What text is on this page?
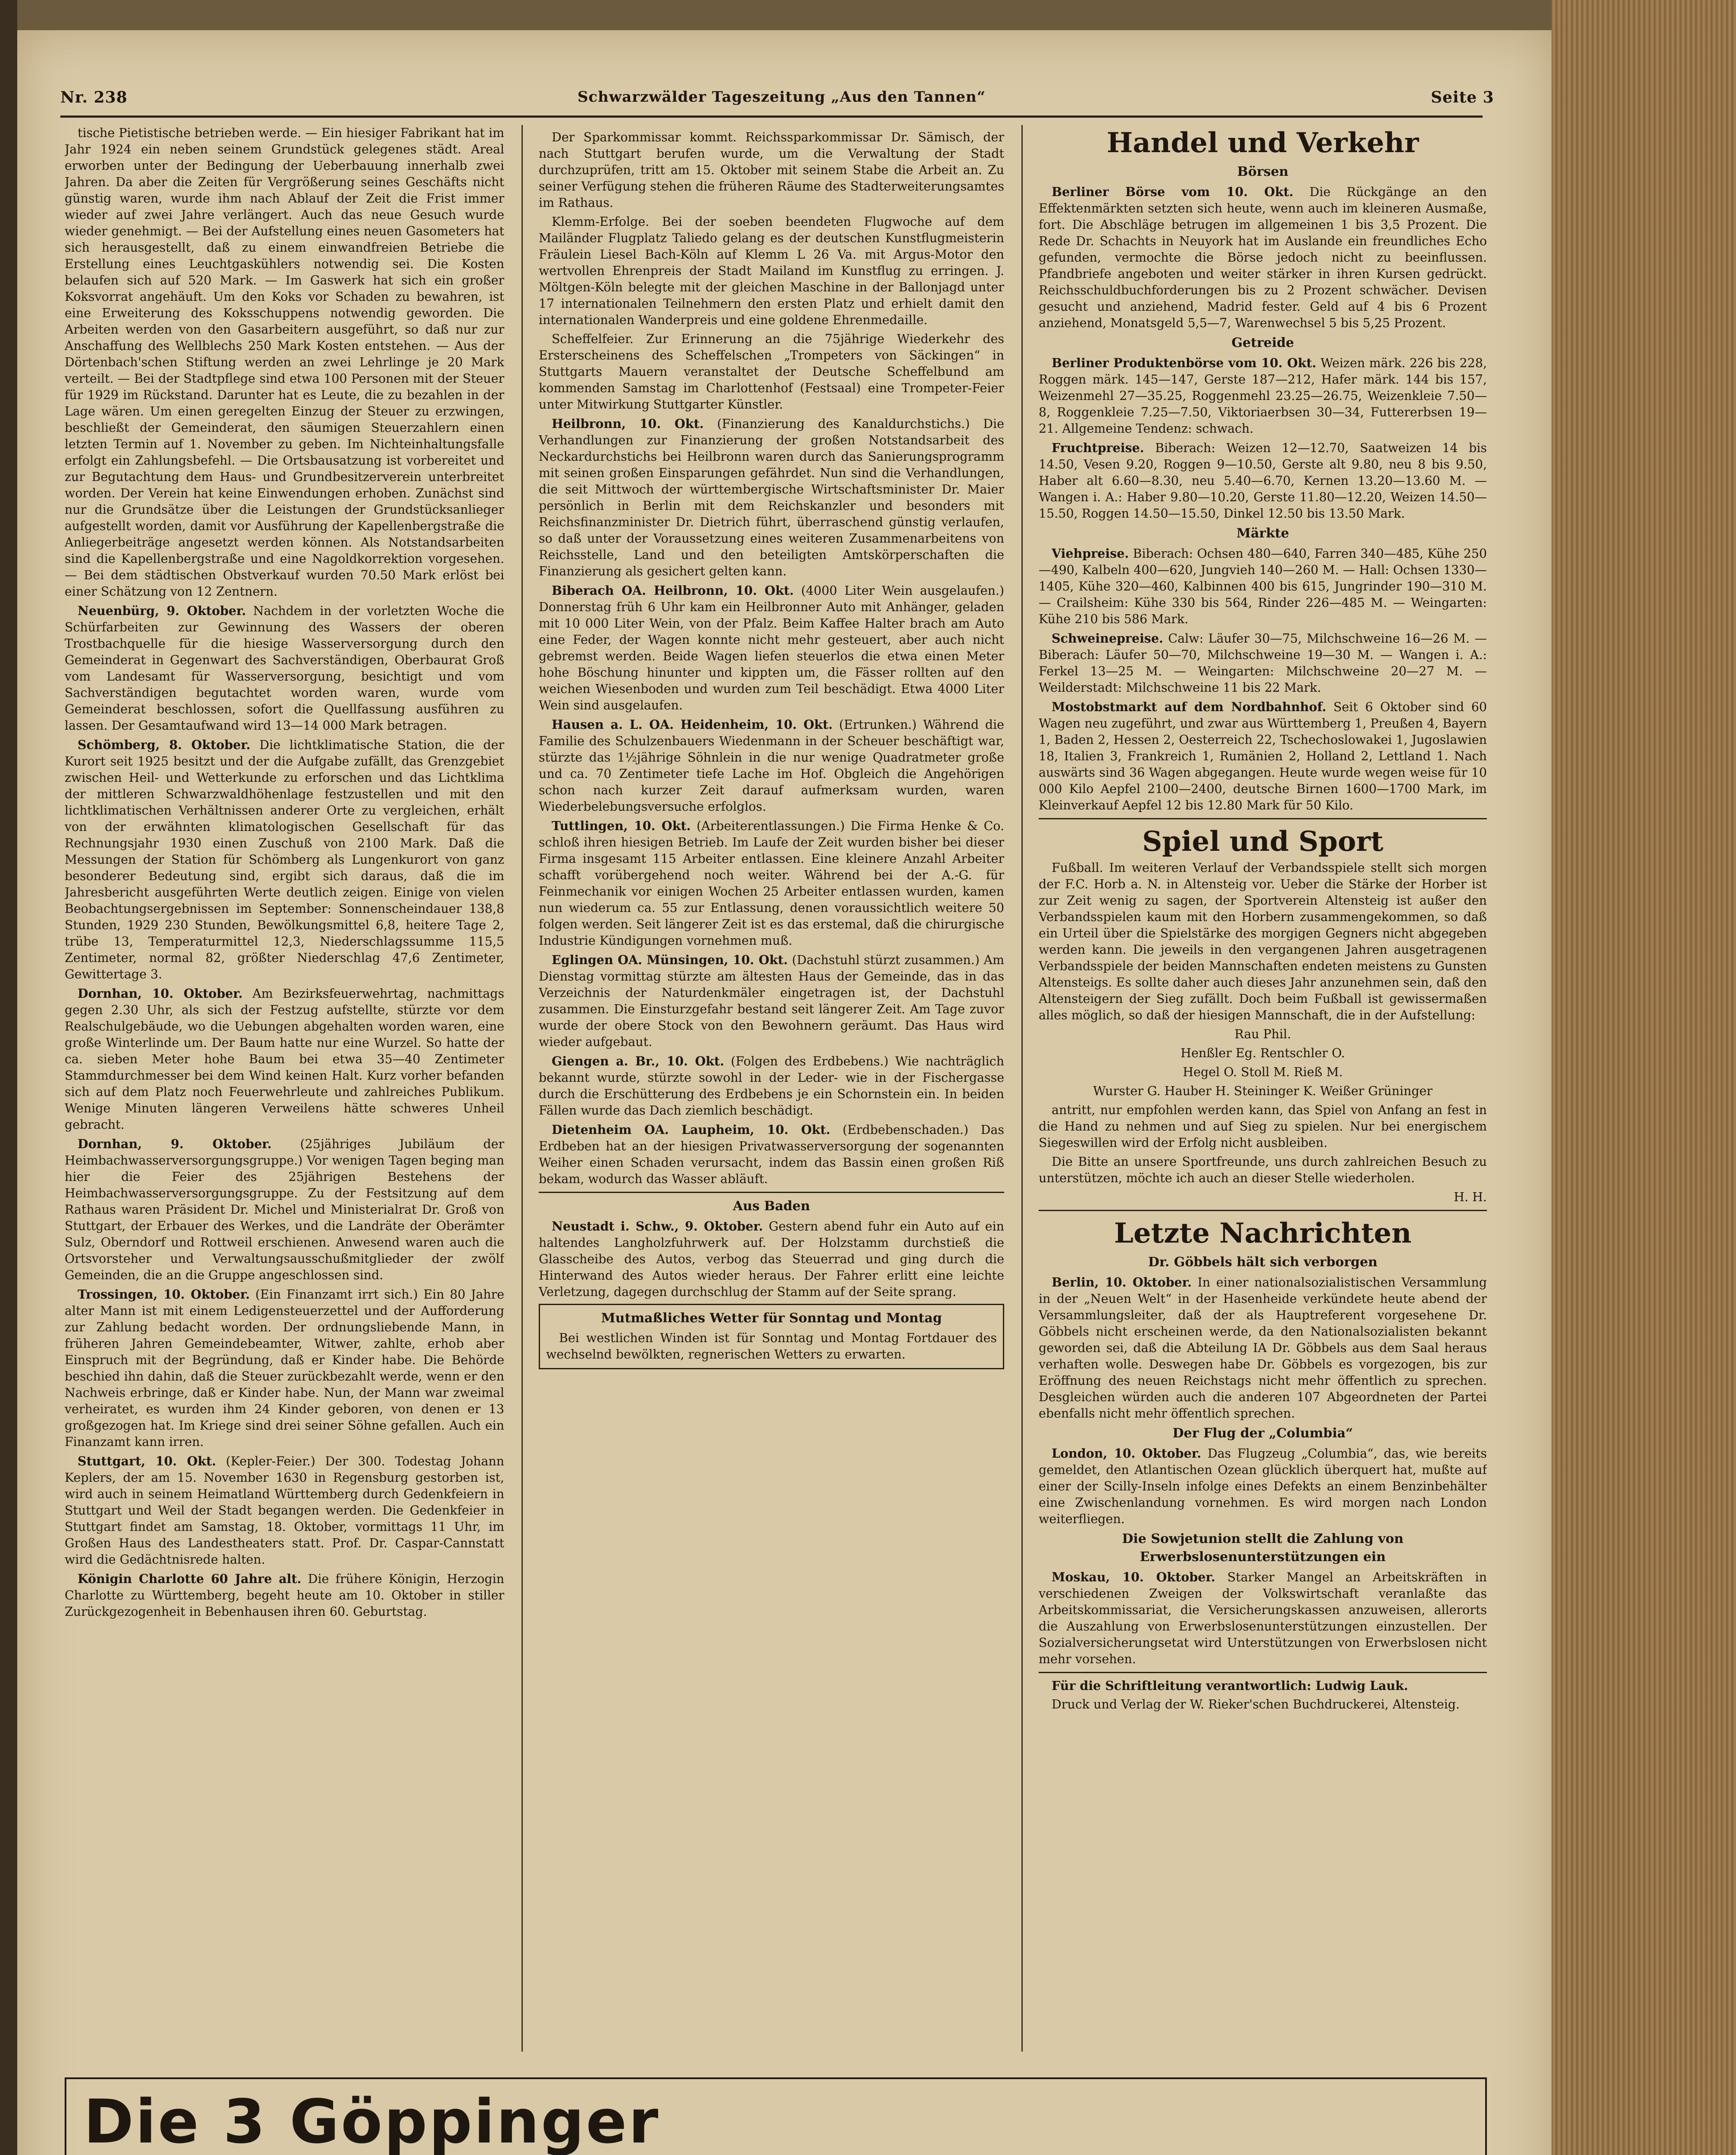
Nr. 238	Schwarzwälder Tageszeitung „Aus den Tannen“	Seite 3

tische Pietistische betrieben werde. — Ein hiesiger Fabrikant hat im Jahr 1924 ein neben seinem Grundstück gelegenes städt. Areal erworben unter der Bedingung der Ueberbauung innerhalb zwei Jahren. Da aber die Zeiten für Vergrößerung seines Geschäfts nicht günstig waren, wurde ihm nach Ablauf der Zeit die Frist immer wieder auf zwei Jahre verlängert. Auch das neue Gesuch wurde wieder genehmigt. — Bei der Aufstellung eines neuen Gasometers hat sich herausgestellt, daß zu einem einwandfreien Betriebe die Erstellung eines Leuchtgaskühlers notwendig sei. Die Kosten belaufen sich auf 520 Mark. — Im Gaswerk hat sich ein großer Koksvorrat angehäuft. Um den Koks vor Schaden zu bewahren, ist eine Erweiterung des Koksschuppens notwendig geworden. Die Arbeiten werden von den Gasarbeitern ausgeführt, so daß nur zur Anschaffung des Wellblechs 250 Mark Kosten entstehen. — Aus der Dörtenbach'schen Stiftung werden an zwei Lehrlinge je 20 Mark verteilt. — Bei der Stadtpflege sind etwa 100 Personen mit der Steuer für 1929 im Rückstand. Darunter hat es Leute, die zu bezahlen in der Lage wären. Um einen geregelten Einzug der Steuer zu erzwingen, beschließt der Gemeinderat, den säumigen Steuerzahlern einen letzten Termin auf 1. November zu geben. Im Nichteinhaltungsfalle erfolgt ein Zahlungsbefehl. — Die Ortsbausatzung ist vorbereitet und zur Begutachtung dem Haus- und Grundbesitzerverein unterbreitet worden. Der Verein hat keine Einwendungen erhoben. Zunächst sind nur die Grundsätze über die Leistungen der Grundstücksanlieger aufgestellt worden, damit vor Ausführung der Kapellenbergstraße die Anliegerbeiträge angesetzt werden können. Als Notstandsarbeiten sind die Kapellenbergstraße und eine Nagoldkorrektion vorgesehen. — Bei dem städtischen Obstverkauf wurden 70.50 Mark erlöst bei einer Schätzung von 12 Zentnern.

Neuenbürg, 9. Oktober. Nachdem in der vorletzten Woche die Schürfarbeiten zur Gewinnung des Wassers der oberen Trostbachquelle für die hiesige Wasserversorgung durch den Gemeinderat in Gegenwart des Sachverständigen, Oberbaurat Groß vom Landesamt für Wasserversorgung, besichtigt und vom Sachverständigen begutachtet worden waren, wurde vom Gemeinderat beschlossen, sofort die Quellfassung ausführen zu lassen. Der Gesamtaufwand wird 13—14 000 Mark betragen.

Schömberg, 8. Oktober. Die lichtklimatische Station, die der Kurort seit 1925 besitzt und der die Aufgabe zufällt, das Grenzgebiet zwischen Heil- und Wetterkunde zu erforschen und das Lichtklima der mittleren Schwarzwaldhöhenlage festzustellen und mit den lichtklimatischen Verhältnissen anderer Orte zu vergleichen, erhält von der erwähnten klimatologischen Gesellschaft für das Rechnungsjahr 1930 einen Zuschuß von 2100 Mark. Daß die Messungen der Station für Schömberg als Lungenkurort von ganz besonderer Bedeutung sind, ergibt sich daraus, daß die im Jahresbericht ausgeführten Werte deutlich zeigen. Einige von vielen Beobachtungsergebnissen im September: Sonnenscheindauer 138,8 Stunden, 1929 230 Stunden, Bewölkungsmittel 6,8, heitere Tage 2, trübe 13, Temperaturmittel 12,3, Niederschlagssumme 115,5 Zentimeter, normal 82, größter Niederschlag 47,6 Zentimeter, Gewittertage 3.

Dornhan, 10. Oktober. Am Bezirksfeuerwehrtag, nachmittags gegen 2.30 Uhr, als sich der Festzug aufstellte, stürzte vor dem Realschulgebäude, wo die Uebungen abgehalten worden waren, eine große Winterlinde um. Der Baum hatte nur eine Wurzel. So hatte der ca. sieben Meter hohe Baum bei etwa 35—40 Zentimeter Stammdurchmesser bei dem Wind keinen Halt. Kurz vorher befanden sich auf dem Platz noch Feuerwehrleute und zahlreiches Publikum. Wenige Minuten längeren Verweilens hätte schweres Unheil gebracht.

Dornhan, 9. Oktober. (25jähriges Jubiläum der Heimbachwasserversorgungsgruppe.) Vor wenigen Tagen beging man hier die Feier des 25jährigen Bestehens der Heimbachwasserversorgungsgruppe. Zu der Festsitzung auf dem Rathaus waren Präsident Dr. Michel und Ministerialrat Dr. Groß von Stuttgart, der Erbauer des Werkes, und die Landräte der Oberämter Sulz, Oberndorf und Rottweil erschienen. Anwesend waren auch die Ortsvorsteher und Verwaltungsausschußmitglieder der zwölf Gemeinden, die an die Gruppe angeschlossen sind.

Trossingen, 10. Oktober. (Ein Finanzamt irrt sich.) Ein 80 Jahre alter Mann ist mit einem Ledigensteuerzettel und der Aufforderung zur Zahlung bedacht worden. Der ordnungsliebende Mann, in früheren Jahren Gemeindebeamter, Witwer, zahlte, erhob aber Einspruch mit der Begründung, daß er Kinder habe. Die Behörde beschied ihn dahin, daß die Steuer zurückbezahlt werde, wenn er den Nachweis erbringe, daß er Kinder habe. Nun, der Mann war zweimal verheiratet, es wurden ihm 24 Kinder geboren, von denen er 13 großgezogen hat. Im Kriege sind drei seiner Söhne gefallen. Auch ein Finanzamt kann irren.

Stuttgart, 10. Okt. (Kepler-Feier.) Der 300. Todestag Johann Keplers, der am 15. November 1630 in Regensburg gestorben ist, wird auch in seinem Heimatland Württemberg durch Gedenkfeiern in Stuttgart und Weil der Stadt begangen werden. Die Gedenkfeier in Stuttgart findet am Samstag, 18. Oktober, vormittags 11 Uhr, im Großen Haus des Landestheaters statt. Prof. Dr. Caspar-Cannstatt wird die Gedächtnisrede halten.

Königin Charlotte 60 Jahre alt. Die frühere Königin, Herzogin Charlotte zu Württemberg, begeht heute am 10. Oktober in stiller Zurückgezogenheit in Bebenhausen ihren 60. Geburtstag.

Der Sparkommissar kommt. Reichssparkommissar Dr. Sämisch, der nach Stuttgart berufen wurde, um die Verwaltung der Stadt durchzuprüfen, tritt am 15. Oktober mit seinem Stabe die Arbeit an. Zu seiner Verfügung stehen die früheren Räume des Stadterweiterungsamtes im Rathaus.

Klemm-Erfolge. Bei der soeben beendeten Flugwoche auf dem Mailänder Flugplatz Taliedo gelang es der deutschen Kunstflugmeisterin Fräulein Liesel Bach-Köln auf Klemm L 26 Va. mit Argus-Motor den wertvollen Ehrenpreis der Stadt Mailand im Kunstflug zu erringen. J. Möltgen-Köln belegte mit der gleichen Maschine in der Ballonjagd unter 17 internationalen Teilnehmern den ersten Platz und erhielt damit den internationalen Wanderpreis und eine goldene Ehrenmedaille.

Scheffelfeier. Zur Erinnerung an die 75jährige Wiederkehr des Ersterscheinens des Scheffelschen „Trompeters von Säckingen“ in Stuttgarts Mauern veranstaltet der Deutsche Scheffelbund am kommenden Samstag im Charlottenhof (Festsaal) eine Trompeter-Feier unter Mitwirkung Stuttgarter Künstler.

Heilbronn, 10. Okt. (Finanzierung des Kanaldurchstichs.) Die Verhandlungen zur Finanzierung der großen Notstandsarbeit des Neckardurchstichs bei Heilbronn waren durch das Sanierungsprogramm mit seinen großen Einsparungen gefährdet. Nun sind die Verhandlungen, die seit Mittwoch der württembergische Wirtschaftsminister Dr. Maier persönlich in Berlin mit dem Reichskanzler und besonders mit Reichsfinanzminister Dr. Dietrich führt, überraschend günstig verlaufen, so daß unter der Voraussetzung eines weiteren Zusammenarbeitens von Reichsstelle, Land und den beteiligten Amtskörperschaften die Finanzierung als gesichert gelten kann.

Biberach OA. Heilbronn, 10. Okt. (4000 Liter Wein ausgelaufen.) Donnerstag früh 6 Uhr kam ein Heilbronner Auto mit Anhänger, geladen mit 10 000 Liter Wein, von der Pfalz. Beim Kaffee Halter brach am Auto eine Feder, der Wagen konnte nicht mehr gesteuert, aber auch nicht gebremst werden. Beide Wagen liefen steuerlos die etwa einen Meter hohe Böschung hinunter und kippten um, die Fässer rollten auf den weichen Wiesenboden und wurden zum Teil beschädigt. Etwa 4000 Liter Wein sind ausgelaufen.

Hausen a. L. OA. Heidenheim, 10. Okt. (Ertrunken.) Während die Familie des Schulzenbauers Wiedenmann in der Scheuer beschäftigt war, stürzte das 1½jährige Söhnlein in die nur wenige Quadratmeter große und ca. 70 Zentimeter tiefe Lache im Hof. Obgleich die Angehörigen schon nach kurzer Zeit darauf aufmerksam wurden, waren Wiederbelebungsversuche erfolglos.

Tuttlingen, 10. Okt. (Arbeiterentlassungen.) Die Firma Henke & Co. schloß ihren hiesigen Betrieb. Im Laufe der Zeit wurden bisher bei dieser Firma insgesamt 115 Arbeiter entlassen. Eine kleinere Anzahl Arbeiter schafft vorübergehend noch weiter. Während bei der A.-G. für Feinmechanik vor einigen Wochen 25 Arbeiter entlassen wurden, kamen nun wiederum ca. 55 zur Entlassung, denen voraussichtlich weitere 50 folgen werden. Seit längerer Zeit ist es das erstemal, daß die chirurgische Industrie Kündigungen vornehmen muß.

Eglingen OA. Münsingen, 10. Okt. (Dachstuhl stürzt zusammen.) Am Dienstag vormittag stürzte am ältesten Haus der Gemeinde, das in das Verzeichnis der Naturdenkmäler eingetragen ist, der Dachstuhl zusammen. Die Einsturzgefahr bestand seit längerer Zeit. Am Tage zuvor wurde der obere Stock von den Bewohnern geräumt. Das Haus wird wieder aufgebaut.

Giengen a. Br., 10. Okt. (Folgen des Erdbebens.) Wie nachträglich bekannt wurde, stürzte sowohl in der Leder- wie in der Fischergasse durch die Erschütterung des Erdbebens je ein Schornstein ein. In beiden Fällen wurde das Dach ziemlich beschädigt.

Dietenheim OA. Laupheim, 10. Okt. (Erdbebenschaden.) Das Erdbeben hat an der hiesigen Privatwasserversorgung der sogenannten Weiher einen Schaden verursacht, indem das Bassin einen großen Riß bekam, wodurch das Wasser abläuft.

Aus Baden

Neustadt i. Schw., 9. Oktober. Gestern abend fuhr ein Auto auf ein haltendes Langholzfuhrwerk auf. Der Holzstamm durchstieß die Glasscheibe des Autos, verbog das Steuerrad und ging durch die Hinterwand des Autos wieder heraus. Der Fahrer erlitt eine leichte Verletzung, dagegen durchschlug der Stamm auf der Seite sprang.

Mutmaßliches Wetter für Sonntag und Montag

Bei westlichen Winden ist für Sonntag und Montag Fortdauer des wechselnd bewölkten, regnerischen Wetters zu erwarten.

Handel und Verkehr
Börsen

Berliner Börse vom 10. Okt. Die Rückgänge an den Effektenmärkten setzten sich heute, wenn auch im kleineren Ausmaße, fort. Die Abschläge betrugen im allgemeinen 1 bis 3,5 Prozent. Die Rede Dr. Schachts in Neuyork hat im Auslande ein freundliches Echo gefunden, vermochte die Börse jedoch nicht zu beeinflussen. Pfandbriefe angeboten und weiter stärker in ihren Kursen gedrückt. Reichsschuldbuchforderungen bis zu 2 Prozent schwächer. Devisen gesucht und anziehend, Madrid fester. Geld auf 4 bis 6 Prozent anziehend, Monatsgeld 5,5—7, Warenwechsel 5 bis 5,25 Prozent.

Getreide

Berliner Produktenbörse vom 10. Okt. Weizen märk. 226 bis 228, Roggen märk. 145—147, Gerste 187—212, Hafer märk. 144 bis 157, Weizenmehl 27—35.25, Roggenmehl 23.25—26.75, Weizenkleie 7.50—8, Roggenkleie 7.25—7.50, Viktoriaerbsen 30—34, Futtererbsen 19—21. Allgemeine Tendenz: schwach.

Fruchtpreise. Biberach: Weizen 12—12.70, Saatweizen 14 bis 14.50, Vesen 9.20, Roggen 9—10.50, Gerste alt 9.80, neu 8 bis 9.50, Haber alt 6.60—8.30, neu 5.40—6.70, Kernen 13.20—13.60 M. — Wangen i. A.: Haber 9.80—10.20, Gerste 11.80—12.20, Weizen 14.50—15.50, Roggen 14.50—15.50, Dinkel 12.50 bis 13.50 Mark.

Märkte

Viehpreise. Biberach: Ochsen 480—640, Farren 340—485, Kühe 250—490, Kalbeln 400—620, Jungvieh 140—260 M. — Hall: Ochsen 1330—1405, Kühe 320—460, Kalbinnen 400 bis 615, Jungrinder 190—310 M. — Crailsheim: Kühe 330 bis 564, Rinder 226—485 M. — Weingarten: Kühe 210 bis 586 Mark.

Schweinepreise. Calw: Läufer 30—75, Milchschweine 16—26 M. — Biberach: Läufer 50—70, Milchschweine 19—30 M. — Wangen i. A.: Ferkel 13—25 M. — Weingarten: Milchschweine 20—27 M. — Weilderstadt: Milchschweine 11 bis 22 Mark.

Mostobstmarkt auf dem Nordbahnhof. Seit 6 Oktober sind 60 Wagen neu zugeführt, und zwar aus Württemberg 1, Preußen 4, Bayern 1, Baden 2, Hessen 2, Oesterreich 22, Tschechoslowakei 1, Jugoslawien 18, Italien 3, Frankreich 1, Rumänien 2, Holland 2, Lettland 1. Nach auswärts sind 36 Wagen abgegangen. Heute wurde wegen weise für 10 000 Kilo Aepfel 2100—2400, deutsche Birnen 1600—1700 Mark, im Kleinverkauf Aepfel 12 bis 12.80 Mark für 50 Kilo.

Spiel und Sport

Fußball. Im weiteren Verlauf der Verbandsspiele stellt sich morgen der F.C. Horb a. N. in Altensteig vor. Ueber die Stärke der Horber ist zur Zeit wenig zu sagen, der Sportverein Altensteig ist außer den Verbandsspielen kaum mit den Horbern zusammengekommen, so daß ein Urteil über die Spielstärke des morgigen Gegners nicht abgegeben werden kann. Die jeweils in den vergangenen Jahren ausgetragenen Verbandsspiele der beiden Mannschaften endeten meistens zu Gunsten Altensteigs. Es sollte daher auch dieses Jahr anzunehmen sein, daß den Altensteigern der Sieg zufällt. Doch beim Fußball ist gewissermaßen alles möglich, so daß der hiesigen Mannschaft, die in der Aufstellung:

Rau Phil.

Henßler Eg. Rentschler O.

Hegel O. Stoll M. Rieß M.

Wurster G. Hauber H. Steininger K. Weißer Grüninger

antritt, nur empfohlen werden kann, das Spiel von Anfang an fest in die Hand zu nehmen und auf Sieg zu spielen. Nur bei energischem Siegeswillen wird der Erfolg nicht ausbleiben.

Die Bitte an unsere Sportfreunde, uns durch zahlreichen Besuch zu unterstützen, möchte ich auch an dieser Stelle wiederholen.

H. H.

Letzte Nachrichten
Dr. Göbbels hält sich verborgen

Berlin, 10. Oktober. In einer nationalsozialistischen Versammlung in der „Neuen Welt“ in der Hasenheide verkündete heute abend der Versammlungsleiter, daß der als Hauptreferent vorgesehene Dr. Göbbels nicht erscheinen werde, da den Nationalsozialisten bekannt geworden sei, daß die Abteilung IA Dr. Göbbels aus dem Saal heraus verhaften wolle. Deswegen habe Dr. Göbbels es vorgezogen, bis zur Eröffnung des neuen Reichstags nicht mehr öffentlich zu sprechen. Desgleichen würden auch die anderen 107 Abgeordneten der Partei ebenfalls nicht mehr öffentlich sprechen.

Der Flug der „Columbia“

London, 10. Oktober. Das Flugzeug „Columbia“, das, wie bereits gemeldet, den Atlantischen Ozean glücklich überquert hat, mußte auf einer der Scilly-Inseln infolge eines Defekts an einem Benzinbehälter eine Zwischenlandung vornehmen. Es wird morgen nach London weiterfliegen.

Die Sowjetunion stellt die Zahlung von Erwerbslosenunterstützungen ein

Moskau, 10. Oktober. Starker Mangel an Arbeitskräften in verschiedenen Zweigen der Volkswirtschaft veranlaßte das Arbeitskommissariat, die Versicherungskassen anzuweisen, allerorts die Auszahlung von Erwerbslosenunterstützungen einzustellen. Der Sozialversicherungsetat wird Unterstützungen von Erwerbslosen nicht mehr vorsehen.

Für die Schriftleitung verantwortlich: Ludwig Lauk.

Druck und Verlag der W. Rieker'schen Buchdruckerei, Altensteig.

Die 3 Göppinger
